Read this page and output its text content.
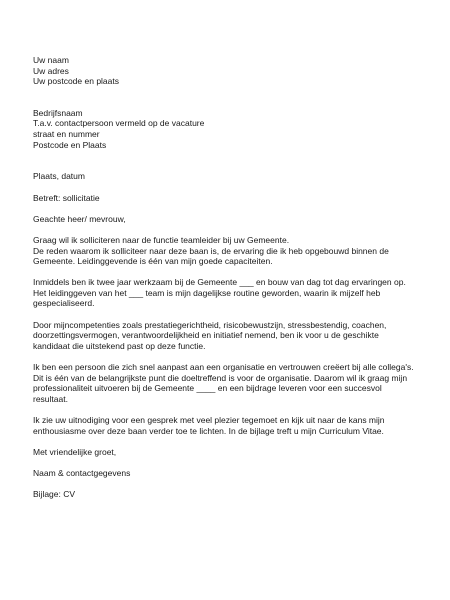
Uw naam
Uw adres
Uw postcode en plaats
Bedrijfsnaam
T.a.v. contactpersoon vermeld op de vacature
straat en nummer
Postcode en Plaats
Plaats, datum
Betreft: sollicitatie
Geachte heer/ mevrouw,
Graag wil ik solliciteren naar de functie teamleider bij uw Gemeente.
De reden waarom ik solliciteer naar deze baan is, de ervaring die ik heb opgebouwd binnen de
Gemeente. Leidinggevende is één van mijn goede capaciteiten.
Inmiddels ben ik twee jaar werkzaam bij de Gemeente ___ en bouw van dag tot dag ervaringen op.
Het leidinggeven van het ___ team is mijn dagelijkse routine geworden, waarin ik mijzelf heb
gespecialiseerd.
Door mijncompetenties zoals prestatiegerichtheid, risicobewustzijn, stressbestendig, coachen,
doorzettingsvermogen, verantwoordelijkheid en initiatief nemend, ben ik voor u de geschikte
kandidaat die uitstekend past op deze functie.
Ik ben een persoon die zich snel aanpast aan een organisatie en vertrouwen creëert bij alle collega's.
Dit is één van de belangrijkste punt die doeltreffend is voor de organisatie. Daarom wil ik graag mijn
professionaliteit uitvoeren bij de Gemeente ____ en een bijdrage leveren voor een succesvol
resultaat.
Ik zie uw uitnodiging voor een gesprek met veel plezier tegemoet en kijk uit naar de kans mijn
enthousiasme over deze baan verder toe te lichten. In de bijlage treft u mijn Curriculum Vitae.
Met vriendelijke groet,
Naam & contactgegevens
Bijlage: CV
